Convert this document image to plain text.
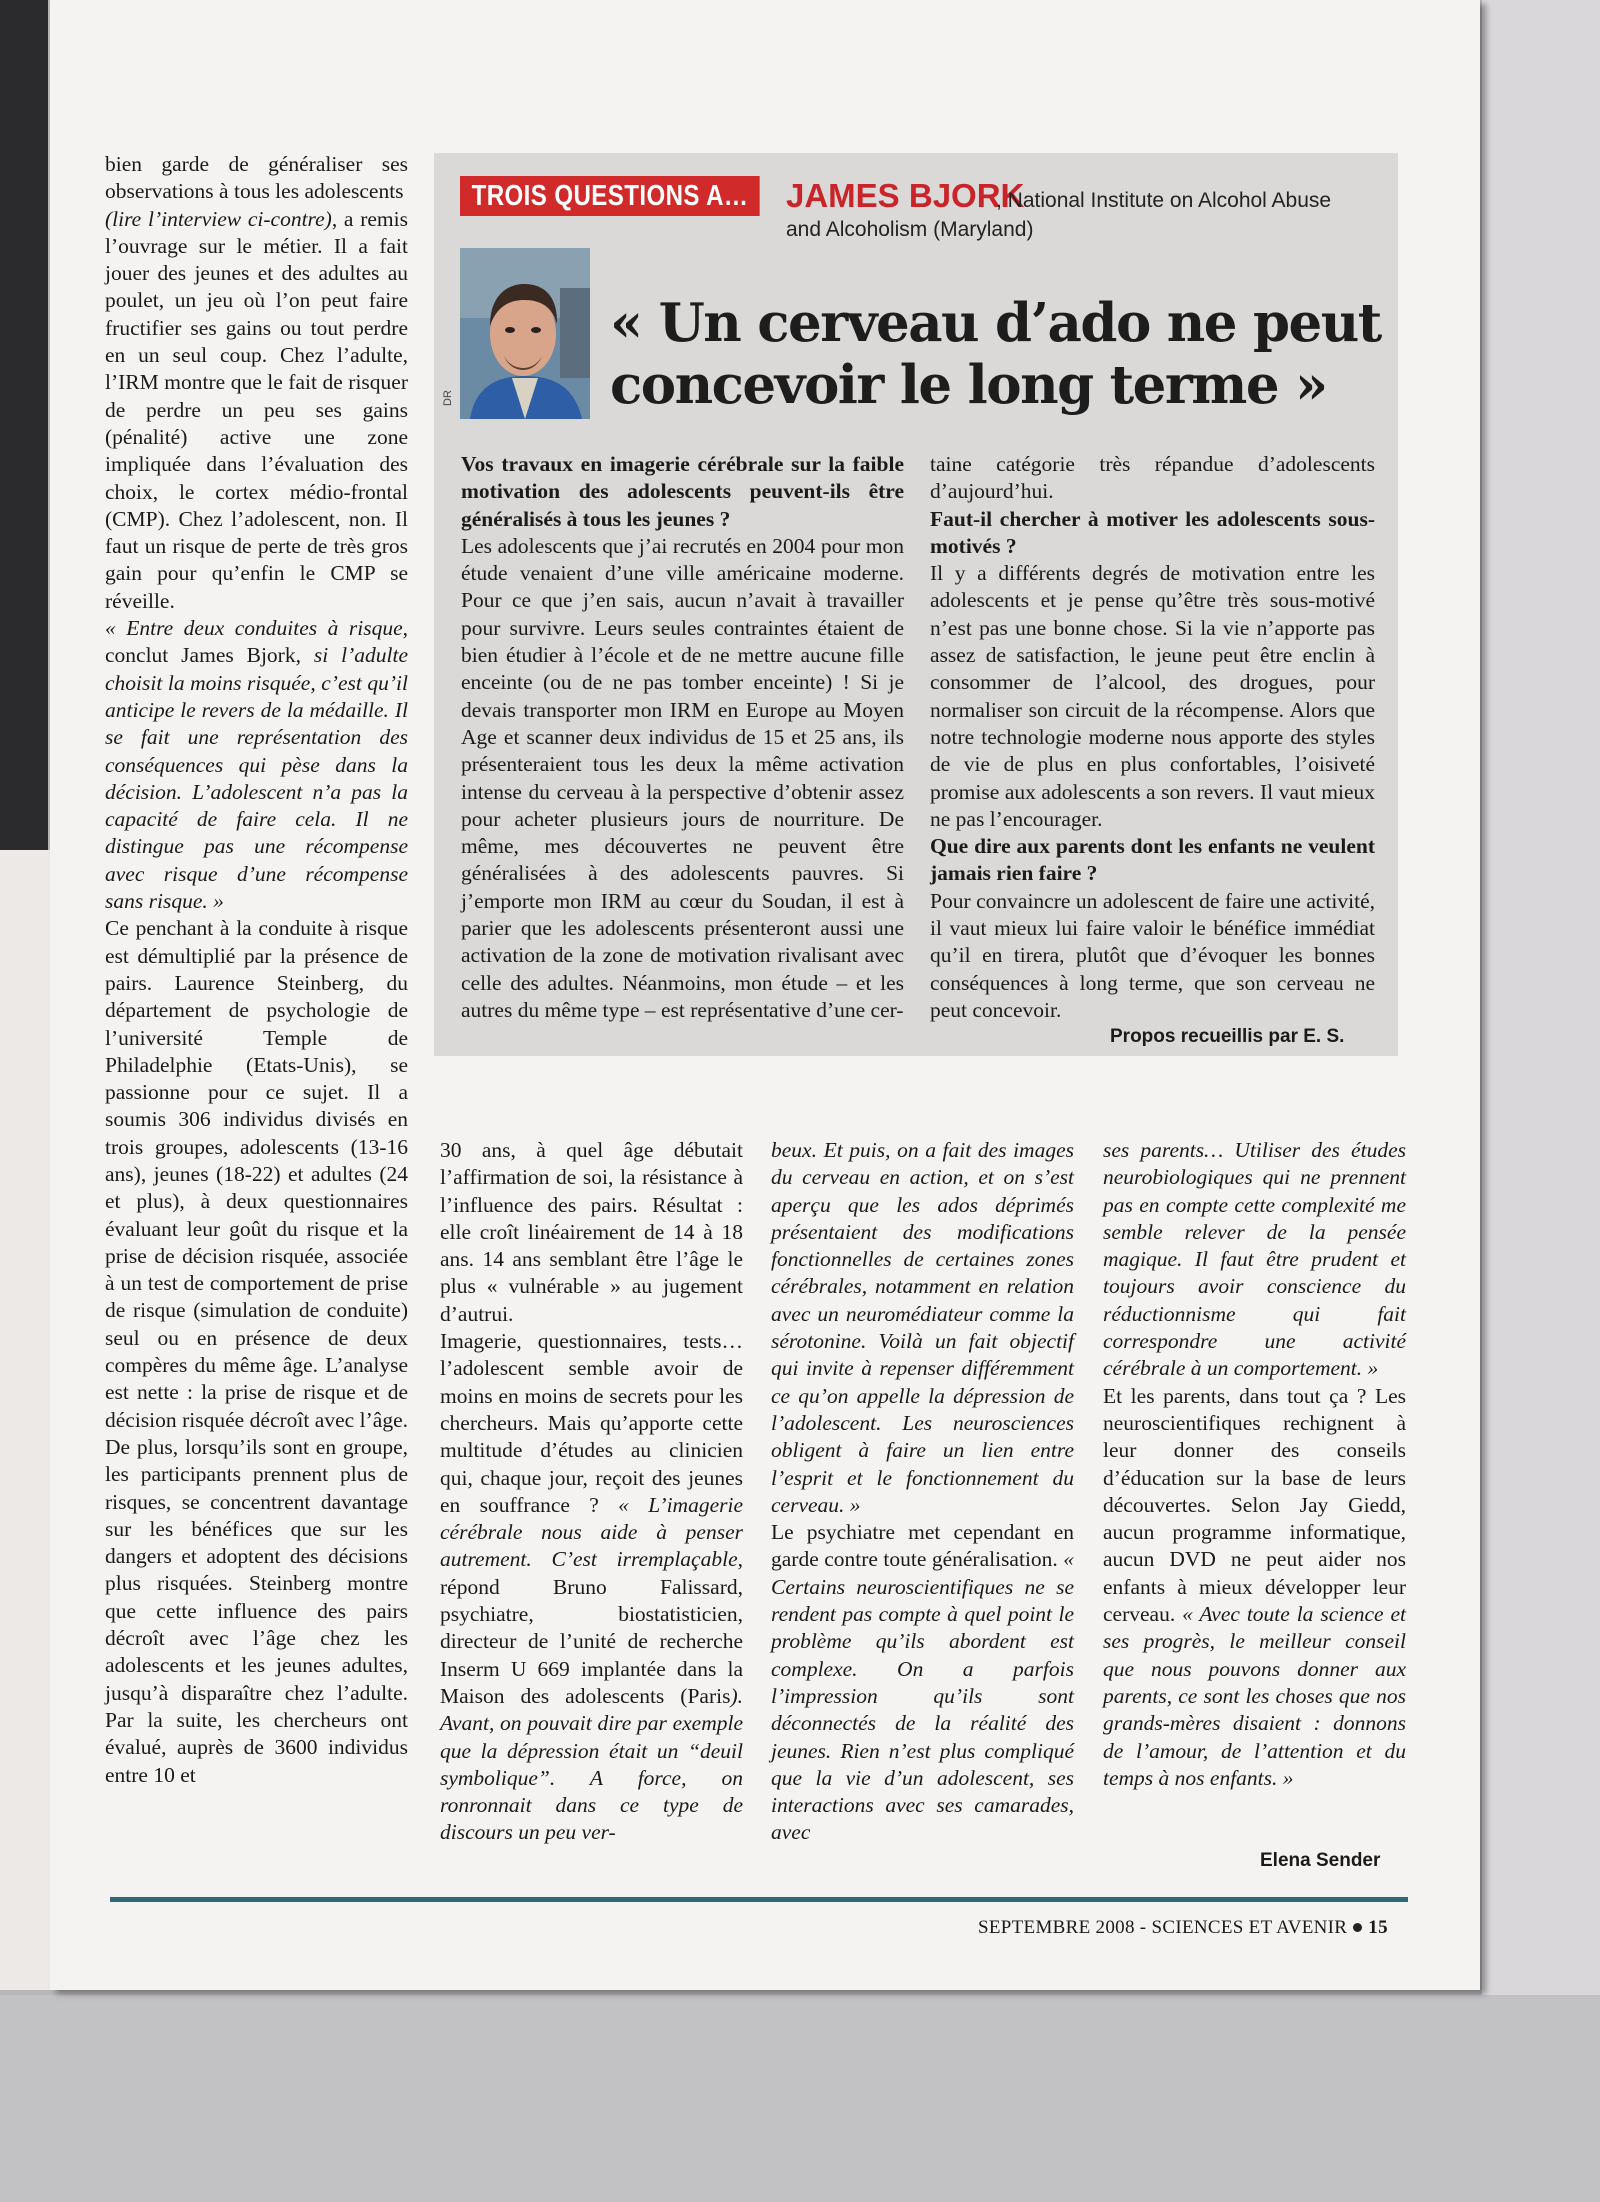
bien garde de généraliser ses observations à tous les adolescents

(lire l’interview ci-contre), a remis l’ouvrage sur le métier. Il a fait jouer des jeunes et des adultes au poulet, un jeu où l’on peut faire fructifier ses gains ou tout perdre en un seul coup. Chez l’adulte, l’IRM montre que le fait de risquer de perdre un peu ses gains (pénalité) active une zone impliquée dans l’évaluation des choix, le cortex médio-frontal (CMP). Chez l’adolescent, non. Il faut un risque de perte de très gros gain pour qu’enfin le CMP se réveille.

« Entre deux conduites à risque, conclut James Bjork, si l’adulte choisit la moins risquée, c’est qu’il anticipe le revers de la médaille. Il se fait une représentation des conséquences qui pèse dans la décision. L’adolescent n’a pas la capacité de faire cela. Il ne distingue pas une récompense avec risque d’une récompense sans risque. »

Ce penchant à la conduite à risque est démultiplié par la présence de pairs. Laurence Steinberg, du département de psychologie de l’université Temple de Philadelphie (Etats-Unis), se passionne pour ce sujet. Il a soumis 306 individus divisés en trois groupes, adolescents (13-16 ans), jeunes (18-22) et adultes (24 et plus), à deux questionnaires évaluant leur goût du risque et la prise de décision risquée, associée à un test de comportement de prise de risque (simulation de conduite) seul ou en présence de deux compères du même âge. L’analyse est nette : la prise de risque et de décision risquée décroît avec l’âge. De plus, lorsqu’ils sont en groupe, les participants prennent plus de risques, se concentrent davantage sur les bénéfices que sur les dangers et adoptent des décisions plus risquées. Steinberg montre que cette influence des pairs décroît avec l’âge chez les adolescents et les jeunes adultes, jusqu’à disparaître chez l’adulte. Par la suite, les chercheurs ont évalué, auprès de 3600 individus entre 10 et

TROIS QUESTIONS A…	JAMES BJORK
, National Institute on Alcohol Abuse and Alcoholism (Maryland)
DR
« Un cerveau d’ado ne peut concevoir le long terme »

Vos travaux en imagerie cérébrale sur la faible motivation des adolescents peuvent-ils être généralisés à tous les jeunes ?

Les adolescents que j’ai recrutés en 2004 pour mon étude venaient d’une ville américaine moderne. Pour ce que j’en sais, aucun n’avait à travailler pour survivre. Leurs seules contraintes étaient de bien étudier à l’école et de ne mettre aucune fille enceinte (ou de ne pas tomber enceinte) ! Si je devais transporter mon IRM en Europe au Moyen Age et scanner deux individus de 15 et 25 ans, ils présenteraient tous les deux la même activation intense du cerveau à la perspective d’obtenir assez pour acheter plusieurs jours de nourriture. De même, mes découvertes ne peuvent être généralisées à des adolescents pauvres. Si j’emporte mon IRM au cœur du Soudan, il est à parier que les adolescents présenteront aussi une activation de la zone de motivation rivalisant avec celle des adultes. Néanmoins, mon étude – et les autres du même type – est représentative d’une cer-

taine catégorie très répandue d’adolescents d’aujourd’hui.

Faut-il chercher à motiver les adolescents sous-motivés ?

Il y a différents degrés de motivation entre les adolescents et je pense qu’être très sous-motivé n’est pas une bonne chose. Si la vie n’apporte pas assez de satisfaction, le jeune peut être enclin à consommer de l’alcool, des drogues, pour normaliser son circuit de la récompense. Alors que notre technologie moderne nous apporte des styles de vie de plus en plus confortables, l’oisiveté promise aux adolescents a son revers. Il vaut mieux ne pas l’encourager.

Que dire aux parents dont les enfants ne veulent jamais rien faire ?

Pour convaincre un adolescent de faire une activité, il vaut mieux lui faire valoir le bénéfice immédiat qu’il en tirera, plutôt que d’évoquer les bonnes conséquences à long terme, que son cerveau ne peut concevoir.

Propos recueillis par E. S.

30 ans, à quel âge débutait l’affirmation de soi, la résistance à l’influence des pairs. Résultat : elle croît linéairement de 14 à 18 ans. 14 ans semblant être l’âge le plus « vulnérable » au jugement d’autrui.

Imagerie, questionnaires, tests… l’adolescent semble avoir de moins en moins de secrets pour les chercheurs. Mais qu’apporte cette multitude d’études au clinicien qui, chaque jour, reçoit des jeunes en souffrance ? « L’imagerie cérébrale nous aide à penser autrement. C’est irremplaçable, répond Bruno Falissard, psychiatre, biostatisticien, directeur de l’unité de recherche Inserm U 669 implantée dans la Maison des adolescents (Paris). Avant, on pouvait dire par exemple que la dépression était un “deuil symbolique”. A force, on ronronnait dans ce type de discours un peu ver-

beux. Et puis, on a fait des images du cerveau en action, et on s’est aperçu que les ados déprimés présentaient des modifications fonctionnelles de certaines zones cérébrales, notamment en relation avec un neuromédiateur comme la sérotonine. Voilà un fait objectif qui invite à repenser différemment ce qu’on appelle la dépression de l’adolescent. Les neurosciences obligent à faire un lien entre l’esprit et le fonctionnement du cerveau. »

Le psychiatre met cependant en garde contre toute généralisation. « Certains neuroscientifiques ne se rendent pas compte à quel point le problème qu’ils abordent est complexe. On a parfois l’impression qu’ils sont déconnectés de la réalité des jeunes. Rien n’est plus compliqué que la vie d’un adolescent, ses interactions avec ses camarades, avec

ses parents… Utiliser des études neurobiologiques qui ne prennent pas en compte cette complexité me semble relever de la pensée magique. Il faut être prudent et toujours avoir conscience du réductionnisme qui fait correspondre une activité cérébrale à un comportement. »

Et les parents, dans tout ça ? Les neuroscientifiques rechignent à leur donner des conseils d’éducation sur la base de leurs découvertes. Selon Jay Giedd, aucun programme informatique, aucun DVD ne peut aider nos enfants à mieux développer leur cerveau. « Avec toute la science et ses progrès, le meilleur conseil que nous pouvons donner aux parents, ce sont les choses que nos grands-mères disaient : donnons de l’amour, de l’attention et du temps à nos enfants. »

Elena Sender
SEPTEMBRE 2008 - SCIENCES ET AVENIR 15
